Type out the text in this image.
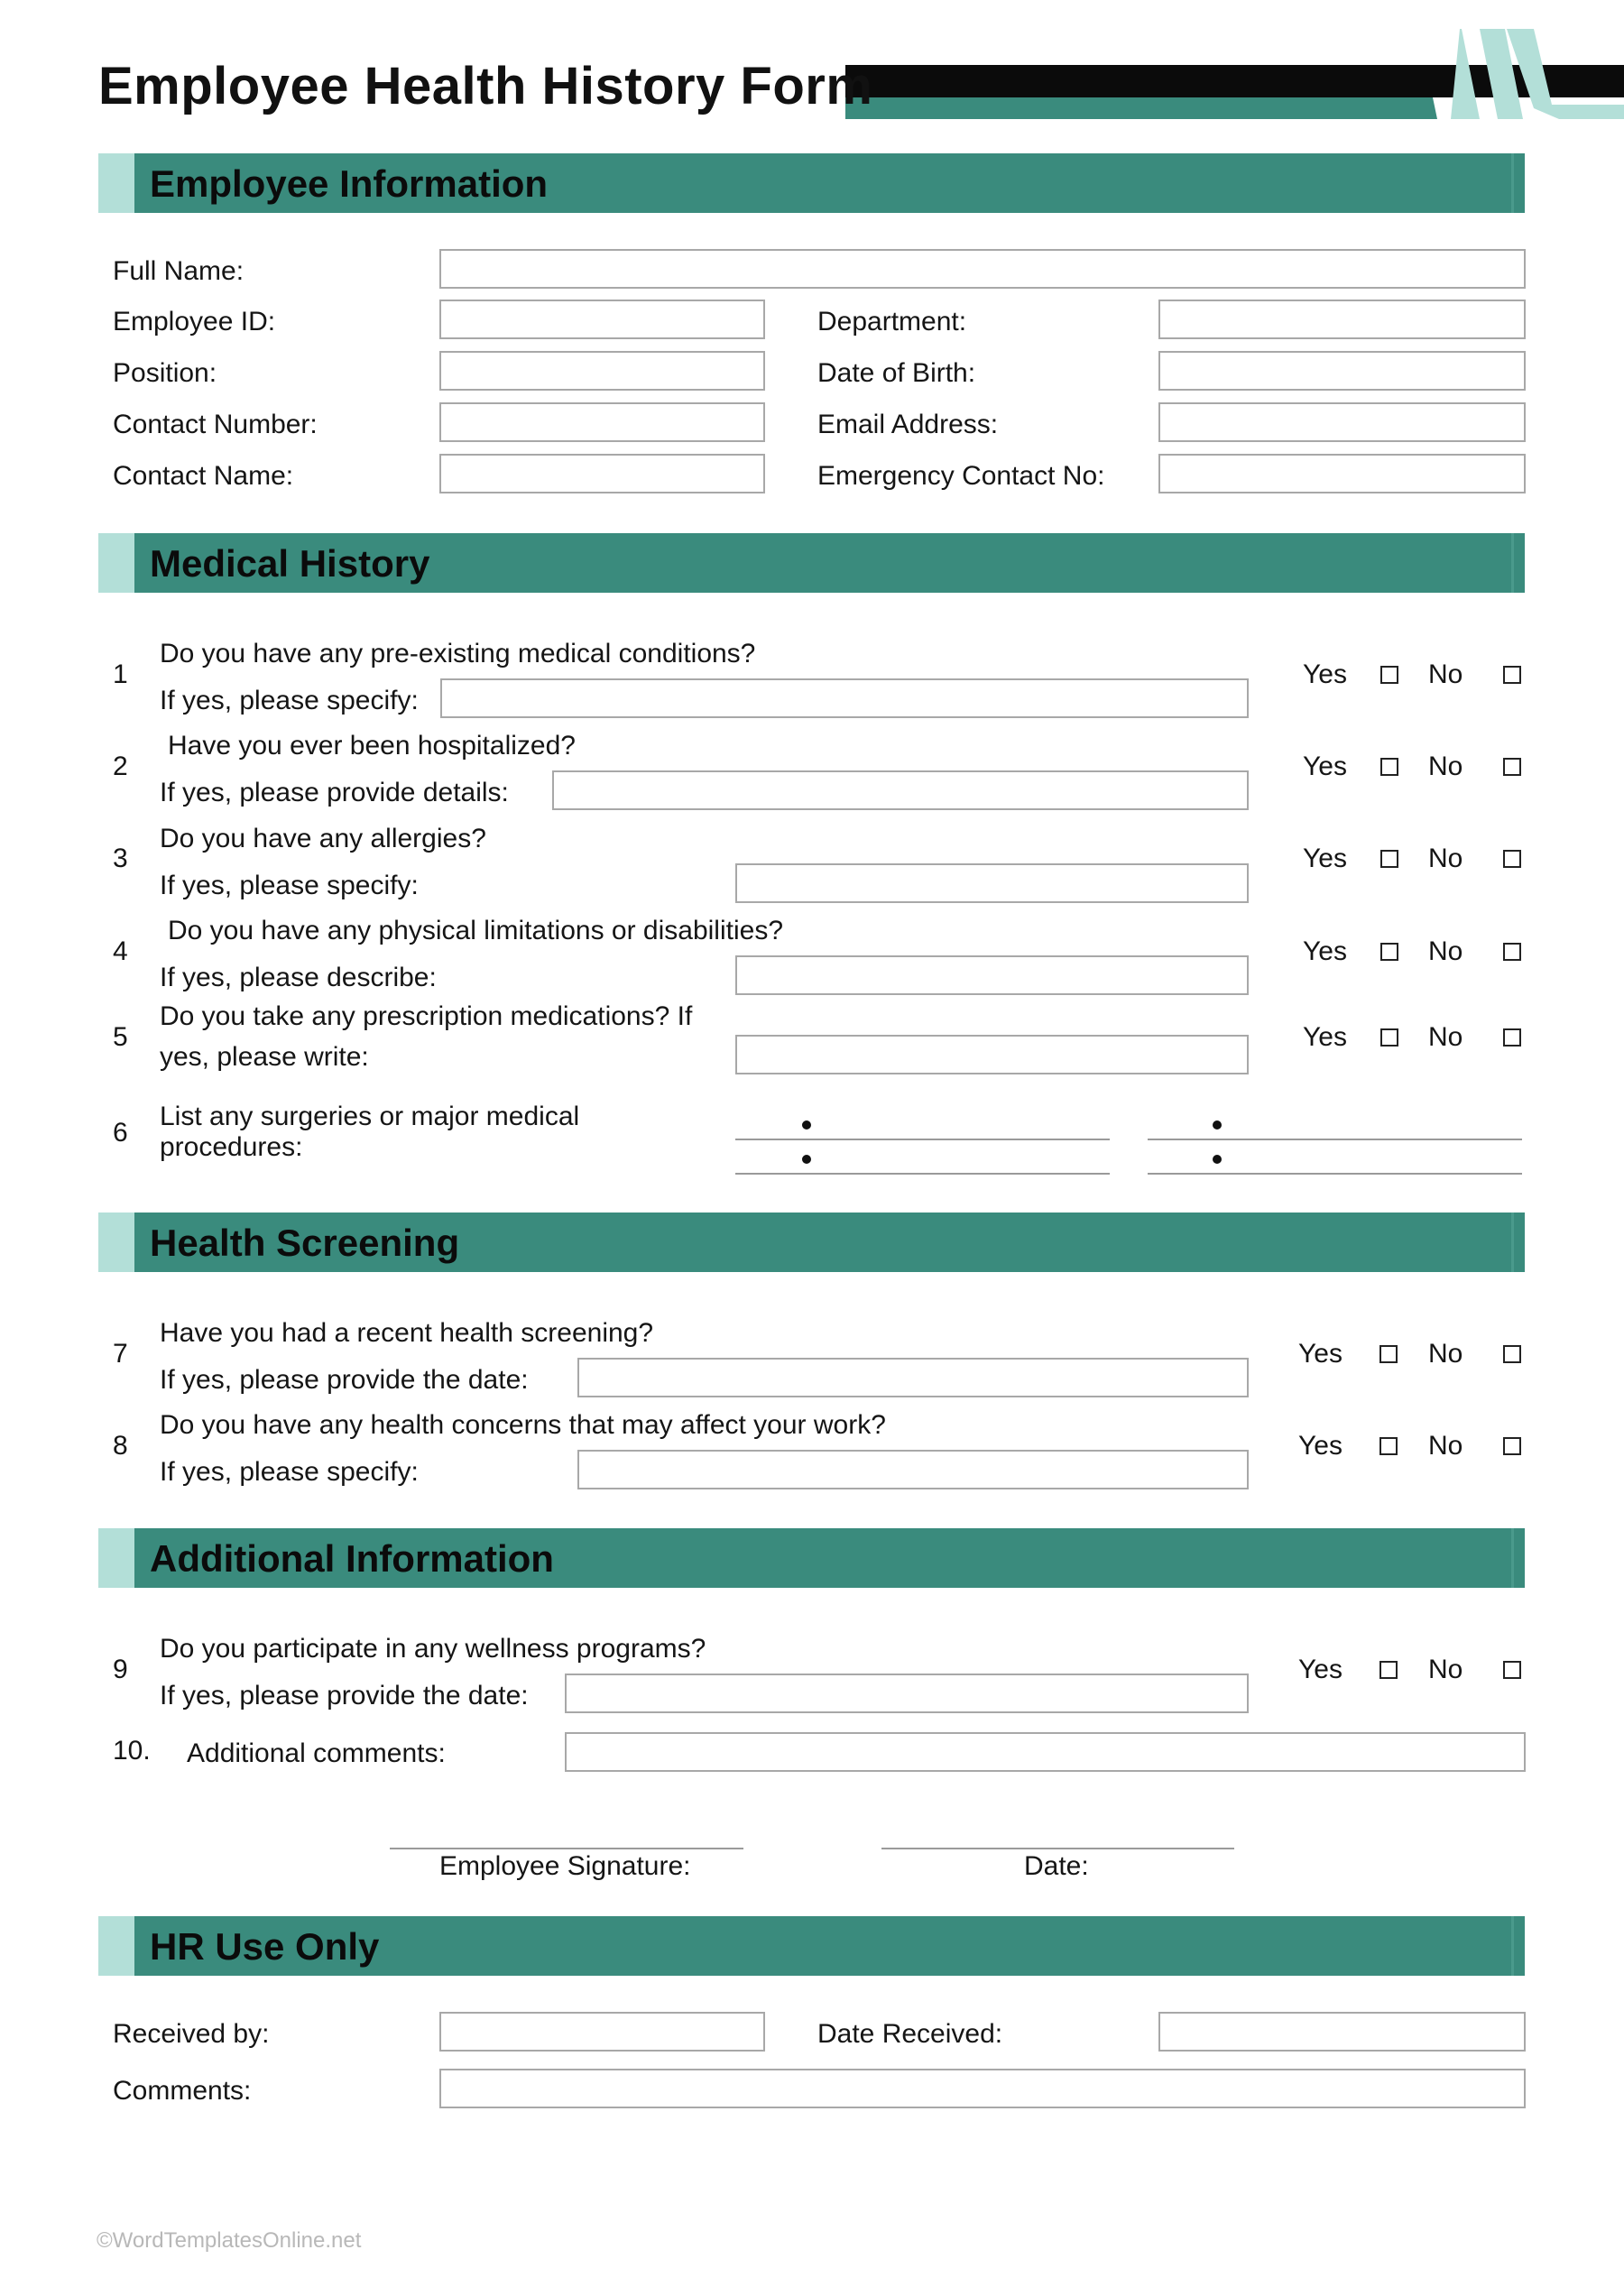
Employee Health History Form
Employee Information
Full Name:
Employee ID:	Department:
Position:	Date of Birth:
Contact Number:	Email Address:
Contact Name:	Emergency Contact No:
Medical History
1
Do you have any pre-existing medical conditions?
If yes, please specify:
Yes	No
2
Have you ever been hospitalized?
If yes, please provide details:
Yes	No
3
Do you have any allergies?
If yes, please specify:
Yes	No
4
Do you have any physical limitations or disabilities?
If yes, please describe:
Yes	No
5
Do you take any prescription medications? If
yes, please write:
Yes	No
6
List any surgeries or major medical
procedures:
Health Screening
7
Have you had a recent health screening?
If yes, please provide the date:
Yes	No
8
Do you have any health concerns that may affect your work?
If yes, please specify:
Yes	No
Additional Information
9
Do you participate in any wellness programs?
If yes, please provide the date:
Yes	No
10. Additional comments:
Employee Signature:	Date:
HR Use Only
Received by:	Date Received:
Comments:
©WordTemplatesOnline.net
